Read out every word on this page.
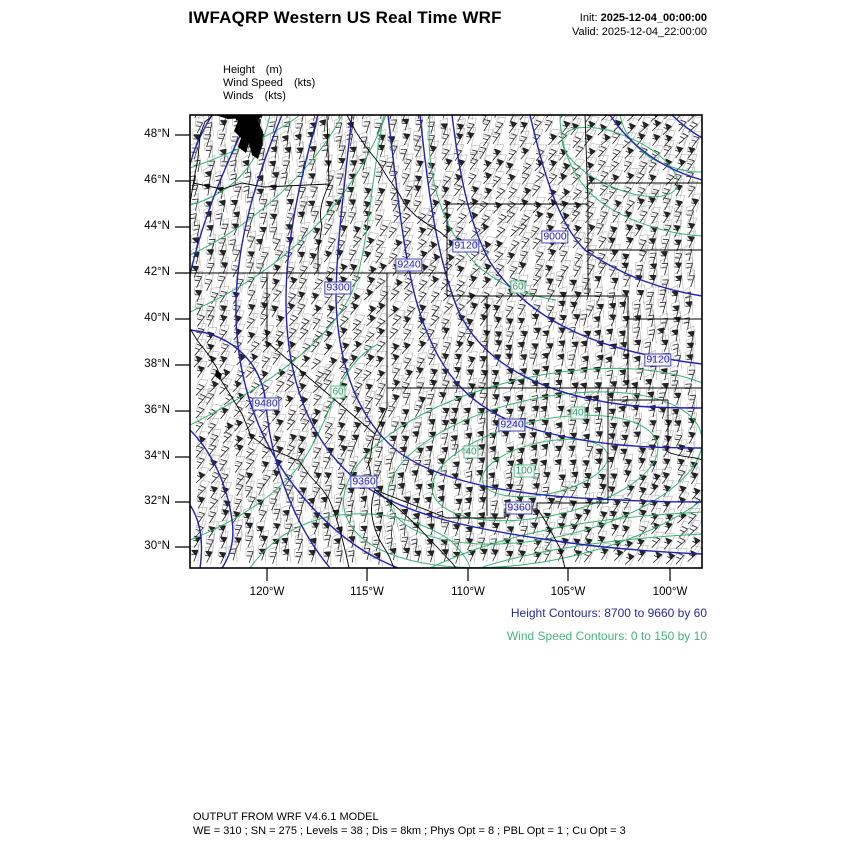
IWFAQRP Western US Real Time WRF	Init: 2025-12-04_00:00:00
Valid: 2025-12-04_22:00:00
Height (m)
Wind Speed (kts)
Winds (kts)
Height Contours: 8700 to 9660 by 60
Wind Speed Contours: 0 to 150 by 10
OUTPUT FROM WRF V4.6.1 MODEL
WE = 310 ; SN = 275 ; Levels = 38 ; Dis = 8km ; Phys Opt = 8 ; PBL Opt = 1 ; Cu Opt = 3
48°N
46°N
44°N
42°N
40°N
38°N
36°N
34°N
32°N
30°N
120°W	115°W	110°W	105°W	100°W
9000
9120
9240
9300
9480
9360
9240
9360
9120
60
60
40
40
100
